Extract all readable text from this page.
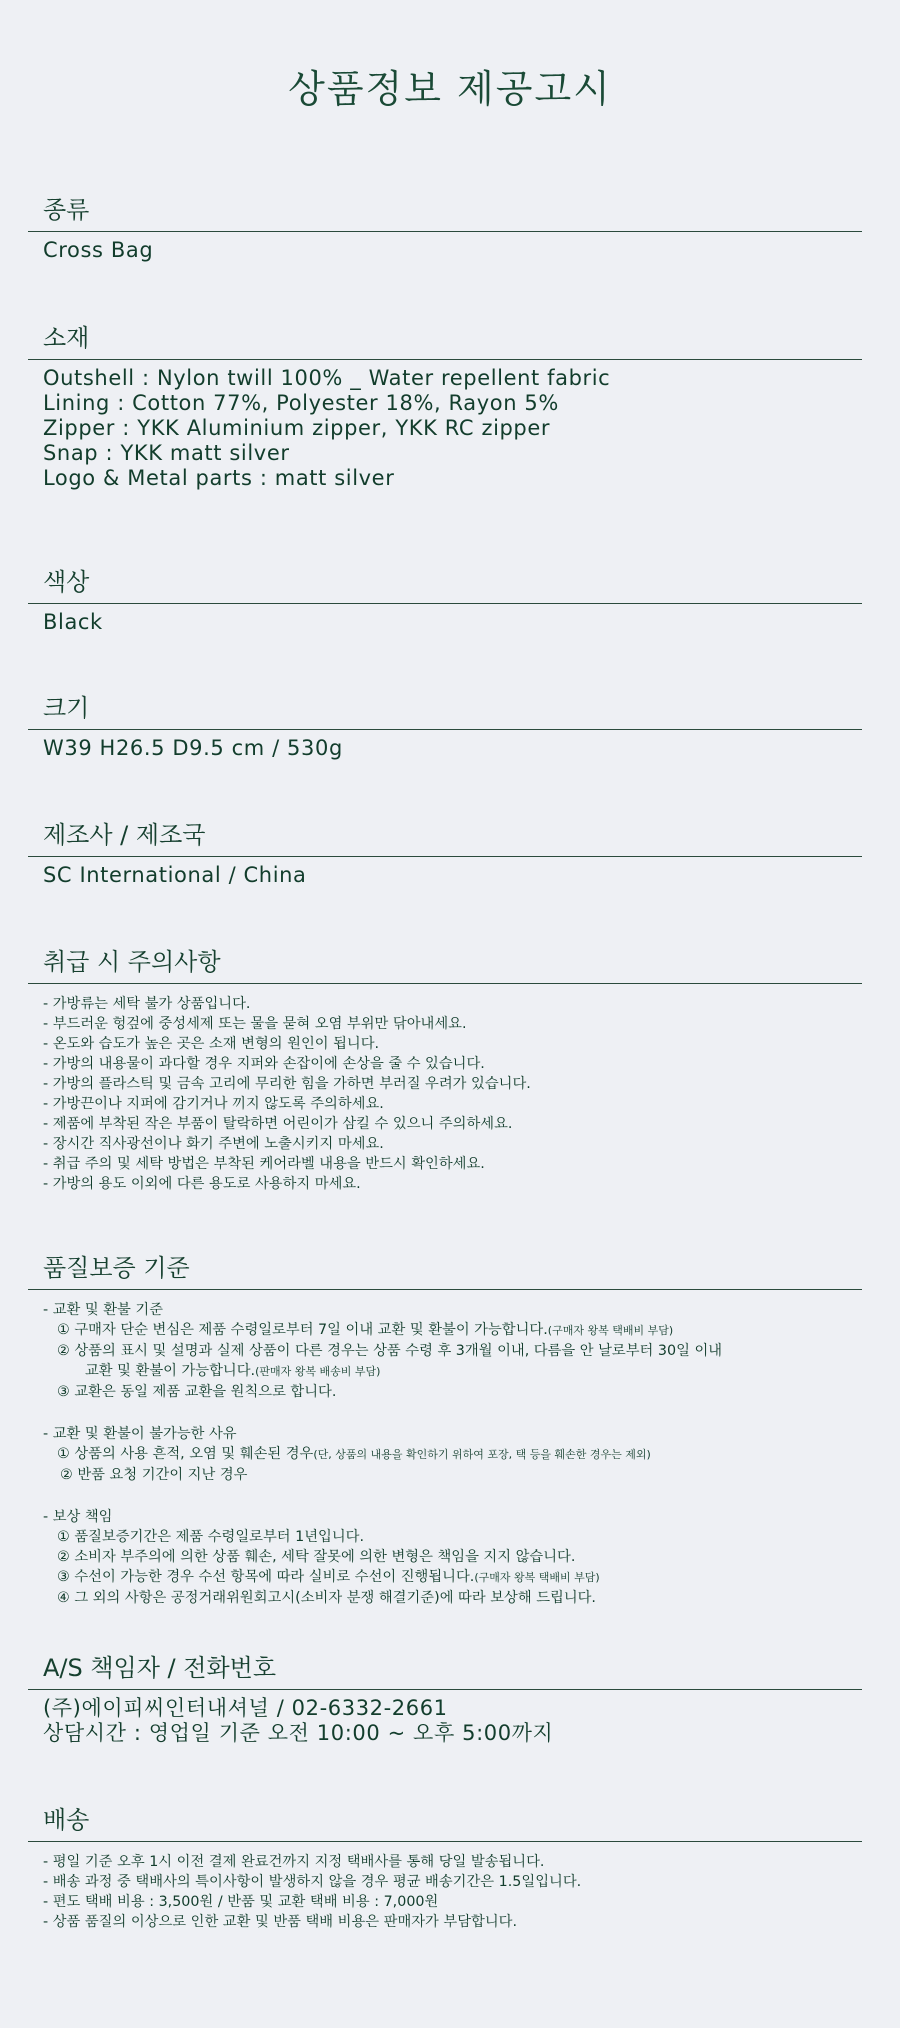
상품정보 제공고시
종류
Cross Bag
소재
Outshell : Nylon twill 100% _ Water repellent fabric
Lining : Cotton 77%, Polyester 18%, Rayon 5%
Zipper : YKK Aluminium zipper, YKK RC zipper
Snap : YKK matt silver
Logo & Metal parts : matt silver
색상
Black
크기
W39 H26.5 D9.5 cm / 530g
제조사 / 제조국
SC International / China
취급 시 주의사항
- 가방류는 세탁 불가 상품입니다.
- 부드러운 헝겊에 중성세제 또는 물을 묻혀 오염 부위만 닦아내세요.
- 온도와 습도가 높은 곳은 소재 변형의 원인이 됩니다.
- 가방의 내용물이 과다할 경우 지퍼와 손잡이에 손상을 줄 수 있습니다.
- 가방의 플라스틱 및 금속 고리에 무리한 힘을 가하면 부러질 우려가 있습니다.
- 가방끈이나 지퍼에 감기거나 끼지 않도록 주의하세요.
- 제품에 부착된 작은 부품이 탈락하면 어린이가 삼킬 수 있으니 주의하세요.
- 장시간 직사광선이나 화기 주변에 노출시키지 마세요.
- 취급 주의 및 세탁 방법은 부착된 케어라벨 내용을 반드시 확인하세요.
- 가방의 용도 이외에 다른 용도로 사용하지 마세요.
품질보증 기준
- 교환 및 환불 기준
① 구매자 단순 변심은 제품 수령일로부터 7일 이내 교환 및 환불이 가능합니다.(구매자 왕복 택배비 부담)
② 상품의 표시 및 설명과 실제 상품이 다른 경우는 상품 수령 후 3개월 이내, 다름을 안 날로부터 30일 이내
교환 및 환불이 가능합니다.(판매자 왕복 배송비 부담)
③ 교환은 동일 제품 교환을 원칙으로 합니다.
- 교환 및 환불이 불가능한 사유
① 상품의 사용 흔적, 오염 및 훼손된 경우(단, 상품의 내용을 확인하기 위하여 포장, 택 등을 훼손한 경우는 제외)
② 반품 요청 기간이 지난 경우
- 보상 책임
① 품질보증기간은 제품 수령일로부터 1년입니다.
② 소비자 부주의에 의한 상품 훼손, 세탁 잘못에 의한 변형은 책임을 지지 않습니다.
③ 수선이 가능한 경우 수선 항목에 따라 실비로 수선이 진행됩니다.(구매자 왕복 택배비 부담)
④ 그 외의 사항은 공정거래위원회고시(소비자 분쟁 해결기준)에 따라 보상해 드립니다.
A/S 책임자 / 전화번호
(주)에이피씨인터내셔널 / 02-6332-2661
상담시간 : 영업일 기준 오전 10:00 ~ 오후 5:00까지
배송
- 평일 기준 오후 1시 이전 결제 완료건까지 지정 택배사를 통해 당일 발송됩니다.
- 배송 과정 중 택배사의 특이사항이 발생하지 않을 경우 평균 배송기간은 1.5일입니다.
- 편도 택배 비용 : 3,500원 / 반품 및 교환 택배 비용 : 7,000원
- 상품 품질의 이상으로 인한 교환 및 반품 택배 비용은 판매자가 부담합니다.
